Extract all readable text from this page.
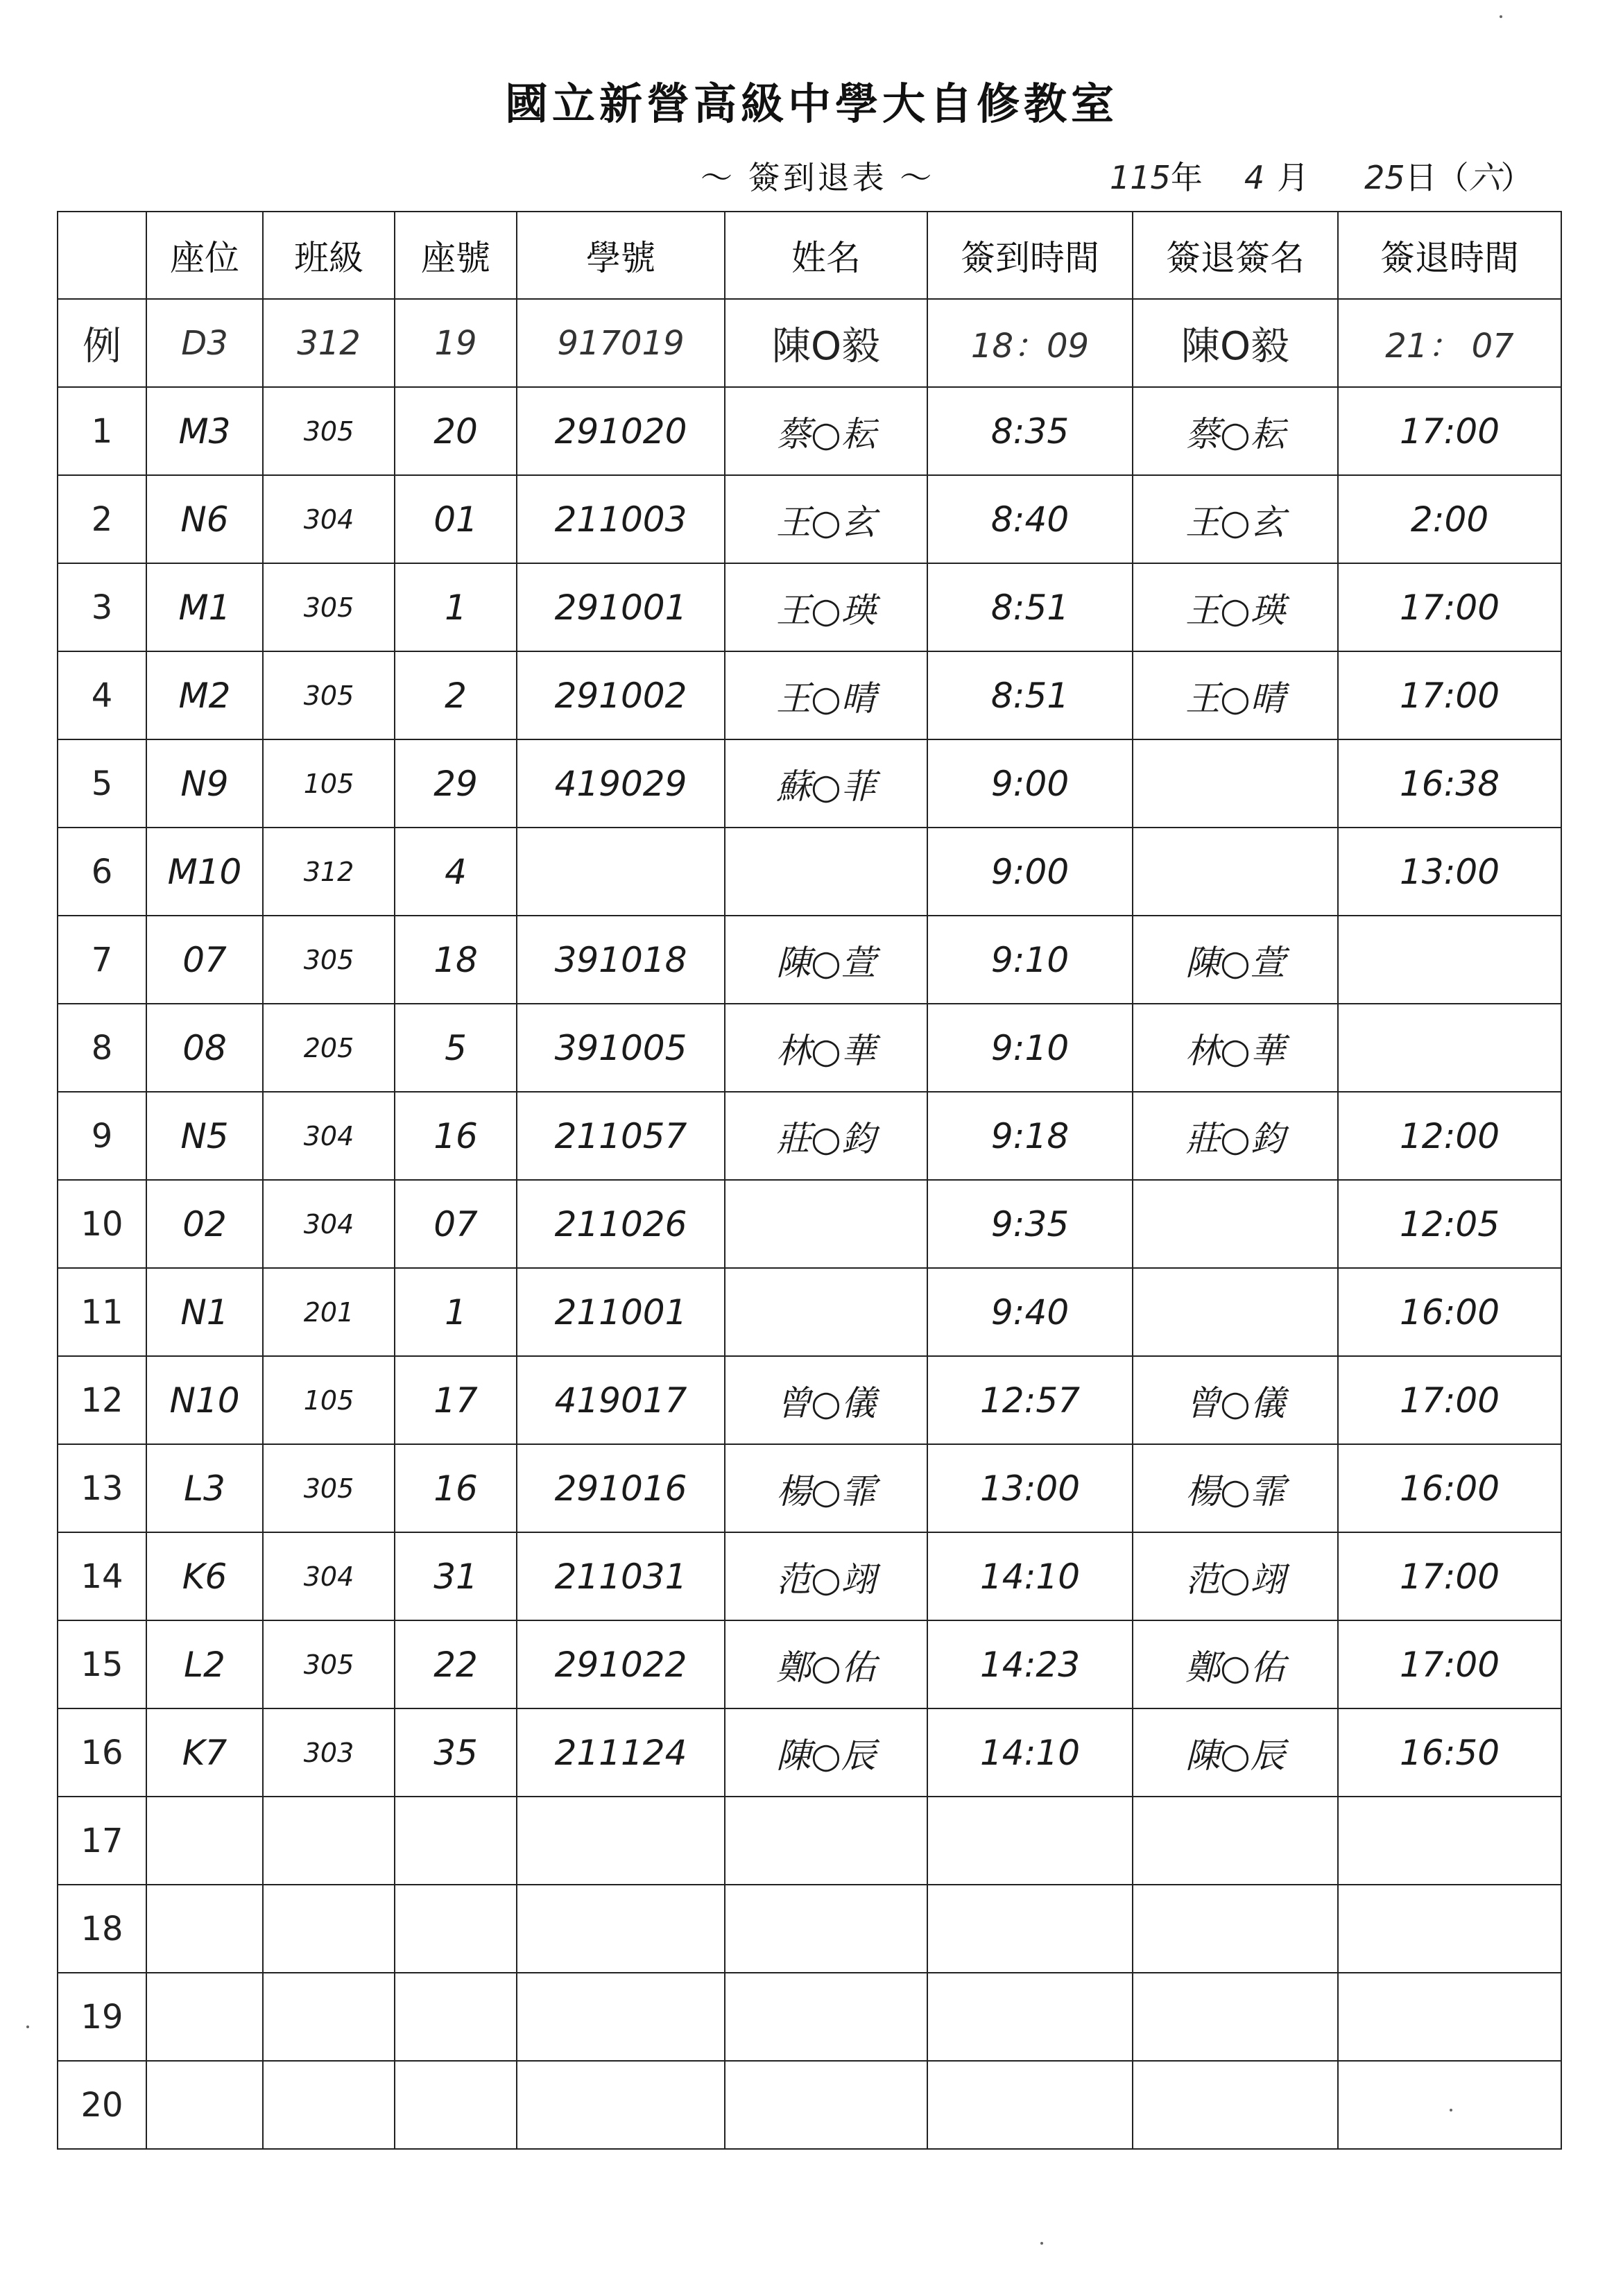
國立新營高級中學大自修教室
～ 簽到退表 ～	115 年 4 月 25 日 （ 六 ）
	座位	班級	座號	學號	姓名	簽到時間	簽退簽名	簽退時間
例	D3	312	19	917019	陳O毅	18：09	陳O毅	21： 07
1	M3	305	20	291020	蔡○耘	8:35	蔡○耘	17:00
2	N6	304	01	211003	王○玄	8:40	王○玄	2:00
3	M1	305	1	291001	王○瑛	8:51	王○瑛	17:00
4	M2	305	2	291002	王○晴	8:51	王○晴	17:00
5	N9	105	29	419029	蘇○菲	9:00		16:38
6	M10	312	4			9:00		13:00
7	07	305	18	391018	陳○萱	9:10	陳○萱	
8	08	205	5	391005	林○華	9:10	林○華	
9	N5	304	16	211057	莊○鈞	9:18	莊○鈞	12:00
10	02	304	07	211026		9:35		12:05
11	N1	201	1	211001		9:40		16:00
12	N10	105	17	419017	曾○儀	12:57	曾○儀	17:00
13	L3	305	16	291016	楊○霏	13:00	楊○霏	16:00
14	K6	304	31	211031	范○翊	14:10	范○翊	17:00
15	L2	305	22	291022	鄭○佑	14:23	鄭○佑	17:00
16	K7	303	35	211124	陳○辰	14:10	陳○辰	16:50
17								
18								
19								
20								
